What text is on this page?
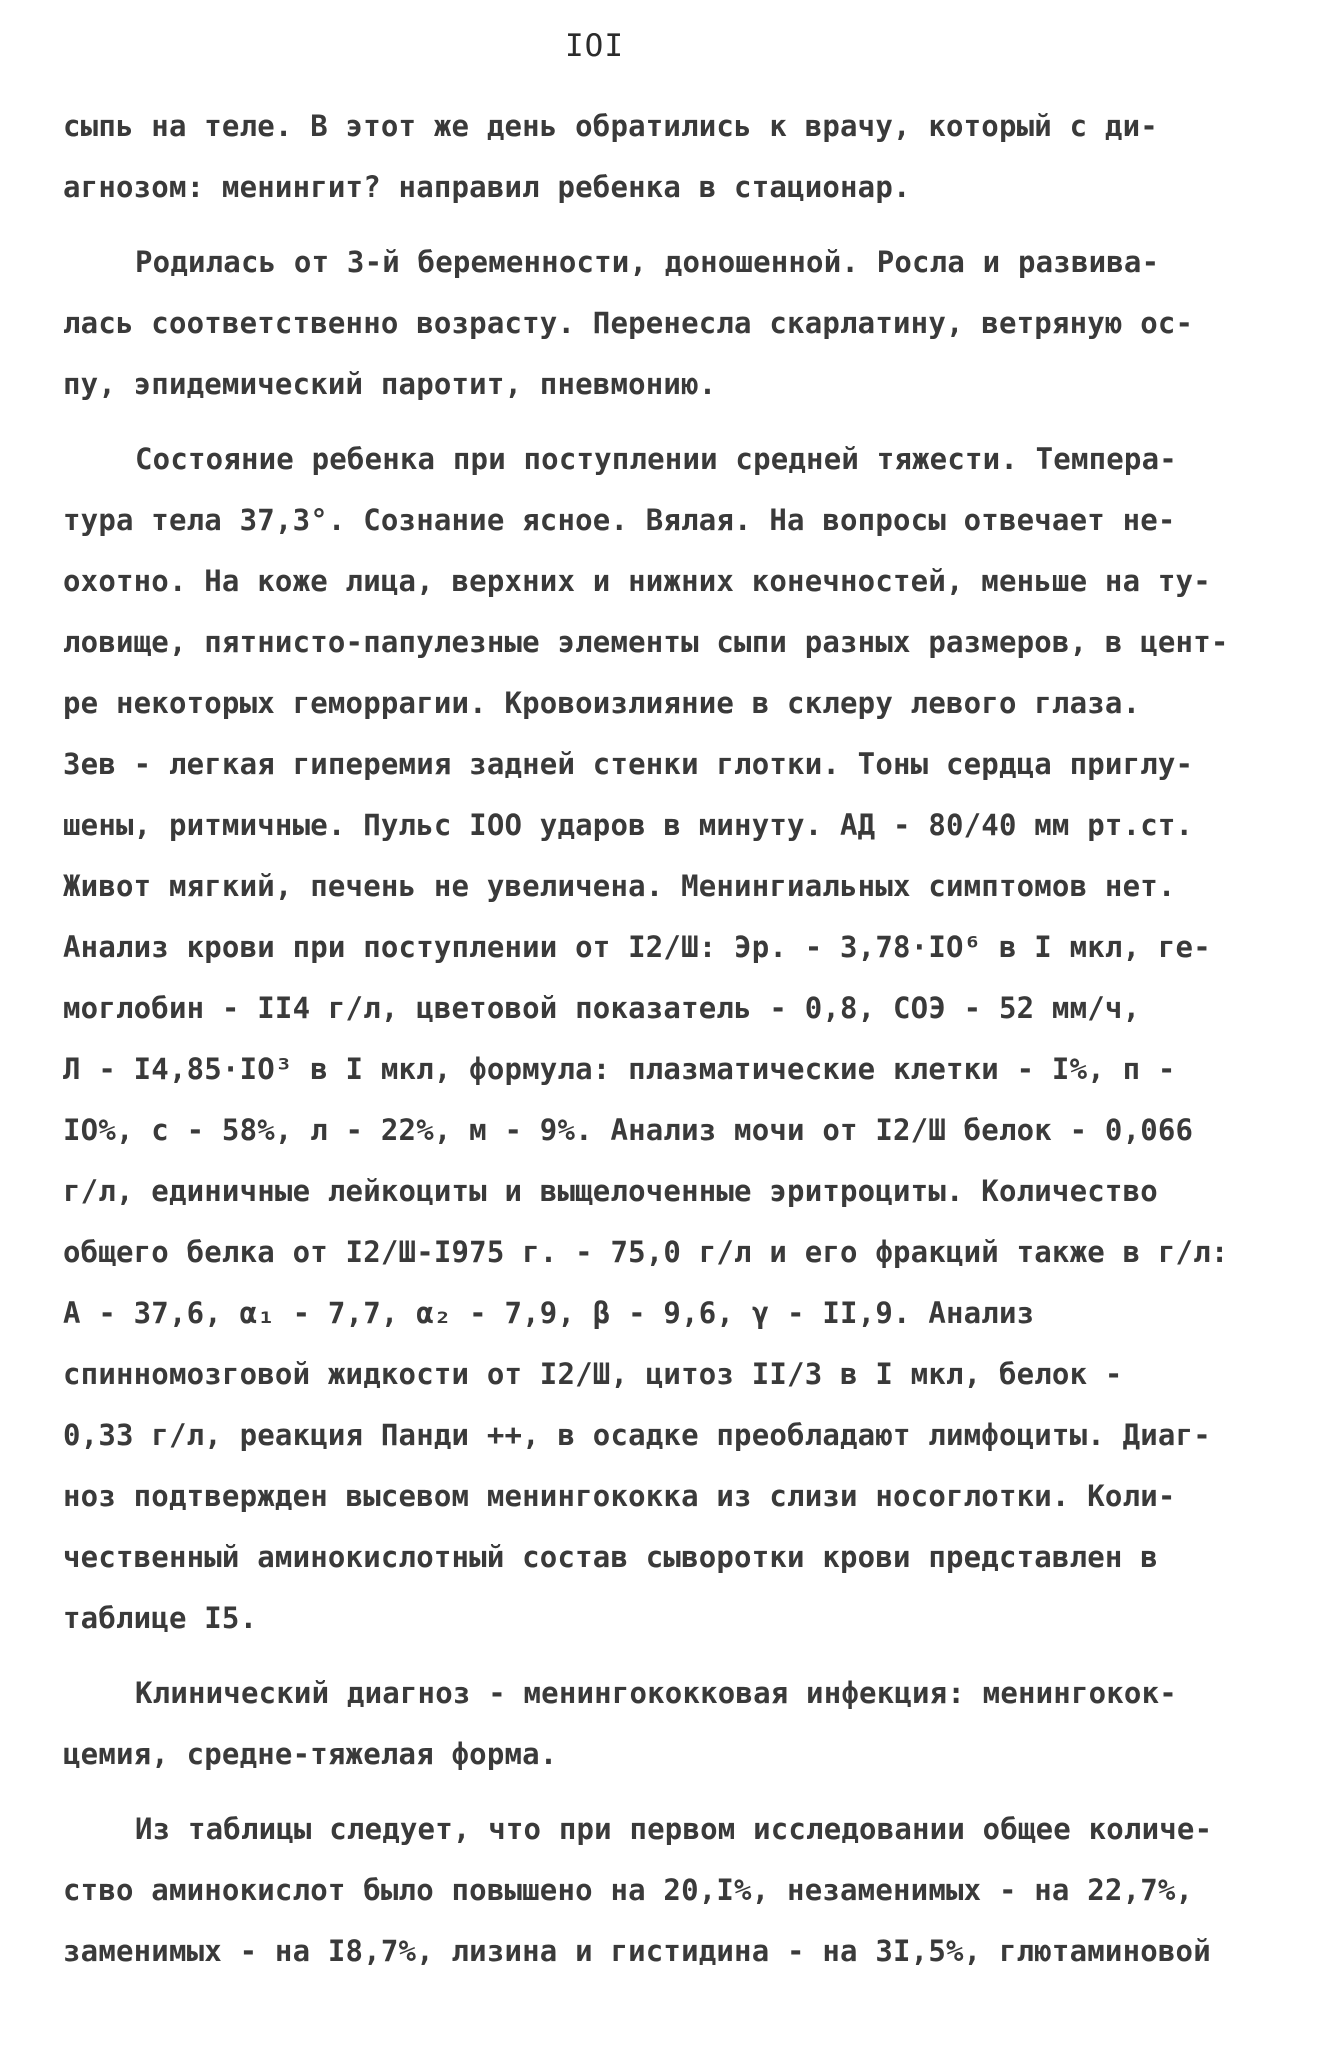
IOI
сыпь на теле. В этот же день обратились к врачу, который с ди-
агнозом: менингит? направил ребенка в стационар.
Родилась от 3-й беременности, доношенной. Росла и развива-
лась соответственно возрасту. Перенесла скарлатину, ветряную ос-
пу, эпидемический паротит, пневмонию.
Состояние ребенка при поступлении средней тяжести. Темпера-
тура тела 37,3°. Сознание ясное. Вялая. На вопросы отвечает не-
охотно. На коже лица, верхних и нижних конечностей, меньше на ту-
ловище, пятнисто-папулезные элементы сыпи разных размеров, в цент-
ре некоторых геморрагии. Кровоизлияние в склеру левого глаза.
Зев - легкая гиперемия задней стенки глотки. Тоны сердца приглу-
шены, ритмичные. Пульс IOO ударов в минуту. АД - 80/40 мм рт.ст.
Живот мягкий, печень не увеличена. Менингиальных симптомов нет.
Анализ крови при поступлении от I2/Ш: Эр. - 3,78·IO⁶ в I мкл, ге-
моглобин - II4 г/л, цветовой показатель - 0,8, СОЭ - 52 мм/ч,
Л - I4,85·IO³ в I мкл, формула: плазматические клетки - I%, п -
IO%, с - 58%, л - 22%, м - 9%. Анализ мочи от I2/Ш белок - 0,066
г/л, единичные лейкоциты и выщелоченные эритроциты. Количество
общего белка от I2/Ш-I975 г. - 75,0 г/л и его фракций также в г/л:
А - 37,6, α₁ - 7,7, α₂ - 7,9, β - 9,6, γ - II,9. Анализ
спинномозговой жидкости от I2/Ш, цитоз II/3 в I мкл, белок -
0,33 г/л, реакция Панди ++, в осадке преобладают лимфоциты. Диаг-
ноз подтвержден высевом менингококка из слизи носоглотки. Коли-
чественный аминокислотный состав сыворотки крови представлен в
таблице I5.
Клинический диагноз - менингококковая инфекция: менингокок-
цемия, средне-тяжелая форма.
Из таблицы следует, что при первом исследовании общее количе-
ство аминокислот было повышено на 20,I%, незаменимых - на 22,7%,
заменимых - на I8,7%, лизина и гистидина - на 3I,5%, глютаминовой
